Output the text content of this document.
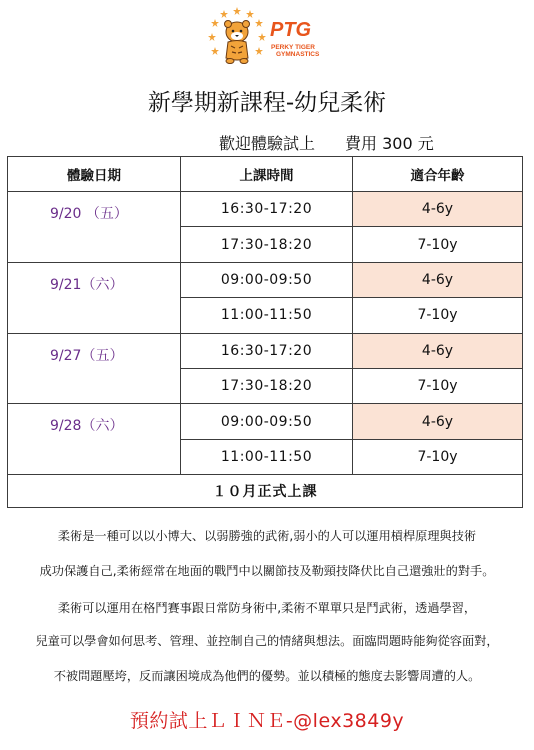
PTG
PERKY TIGER
GYMNASTICS
新學期新課程-幼兒柔術
歡迎體驗試上 費用 300 元
體驗日期	上課時間	適合年齡
9/20 （五）	16:30-17:20	4-6y
	17:30-18:20	7-10y
9/21（六）	09:00-09:50	4-6y
	11:00-11:50	7-10y
9/27（五）	16:30-17:20	4-6y
	17:30-18:20	7-10y
9/28（六）	09:00-09:50	4-6y
	11:00-11:50	7-10y
１０月正式上課		
柔術是一種可以以小博大、以弱勝強的武術,弱小的人可以運用槓桿原理與技術
成功保護自己,柔術經常在地面的戰鬥中以關節技及勒頸技降伏比自己還強壯的對手。
柔術可以運用在格鬥賽事跟日常防身術中,柔術不單單只是鬥武術，透過學習，
兒童可以學會如何思考、管理、並控制自己的情緒與想法。面臨問題時能夠從容面對，
不被問題壓垮，反而讓困境成為他們的優勢。並以積極的態度去影響周遭的人。
預約試上ＬＩＮＥ-@lex3849y
